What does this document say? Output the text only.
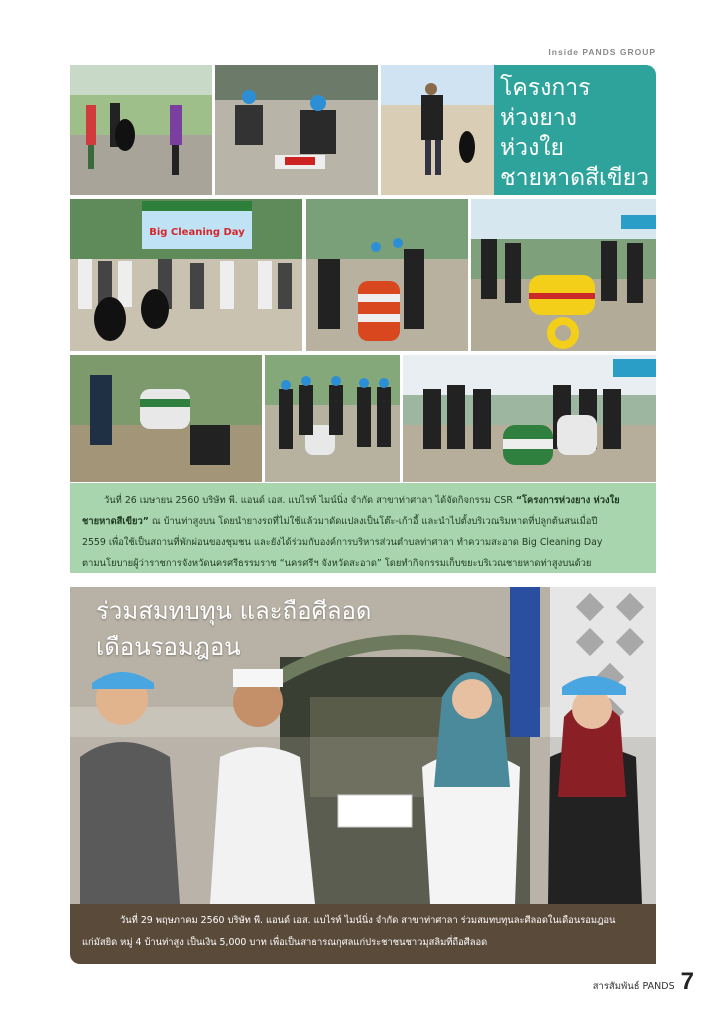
Inside PANDS GROUP
โครงการ
ห่วงยาง
ห่วงใย
ชายหาดสีเขียว
Big Cleaning Day
วันที่ 26 เมษายน 2560 บริษัท พี. แอนด์ เอส. แบไรท์ ไมน์นิ่ง จำกัด สาขาท่าศาลา ได้จัดกิจกรรม CSR “โครงการห่วงยาง ห่วงใย
ชายหาดสีเขียว” ณ บ้านท่าสูงบน โดยนำยางรถที่ไม่ใช้แล้วมาดัดแปลงเป็นโต๊ะ-เก้าอี้ และนำไปตั้งบริเวณริมหาดที่ปลูกต้นสนเมื่อปี
2559 เพื่อใช้เป็นสถานที่พักผ่อนของชุมชน และยังได้ร่วมกับองค์การบริหารส่วนตำบลท่าศาลา ทำความสะอาด Big Cleaning Day
ตามนโยบายผู้ว่าราชการจังหวัดนครศรีธรรมราช “นครศรีฯ จังหวัดสะอาด” โดยทำกิจกรรมเก็บขยะบริเวณชายหาดท่าสูงบนด้วย
ร่วมสมทบทุน และถือศีลอด
เดือนรอมฎอน
วันที่ 29 พฤษภาคม 2560 บริษัท พี. แอนด์ เอส. แบไรท์ ไมน์นิ่ง จำกัด สาขาท่าศาลา ร่วมสมทบทุนละศีลอดในเดือนรอมฎอน
แก่มัสยิด หมู่ 4 บ้านท่าสูง เป็นเงิน 5,000 บาท เพื่อเป็นสาธารณกุศลแก่ประชาชนชาวมุสลิมที่ถือศีลอด
สารสัมพันธ์ PANDS 7
